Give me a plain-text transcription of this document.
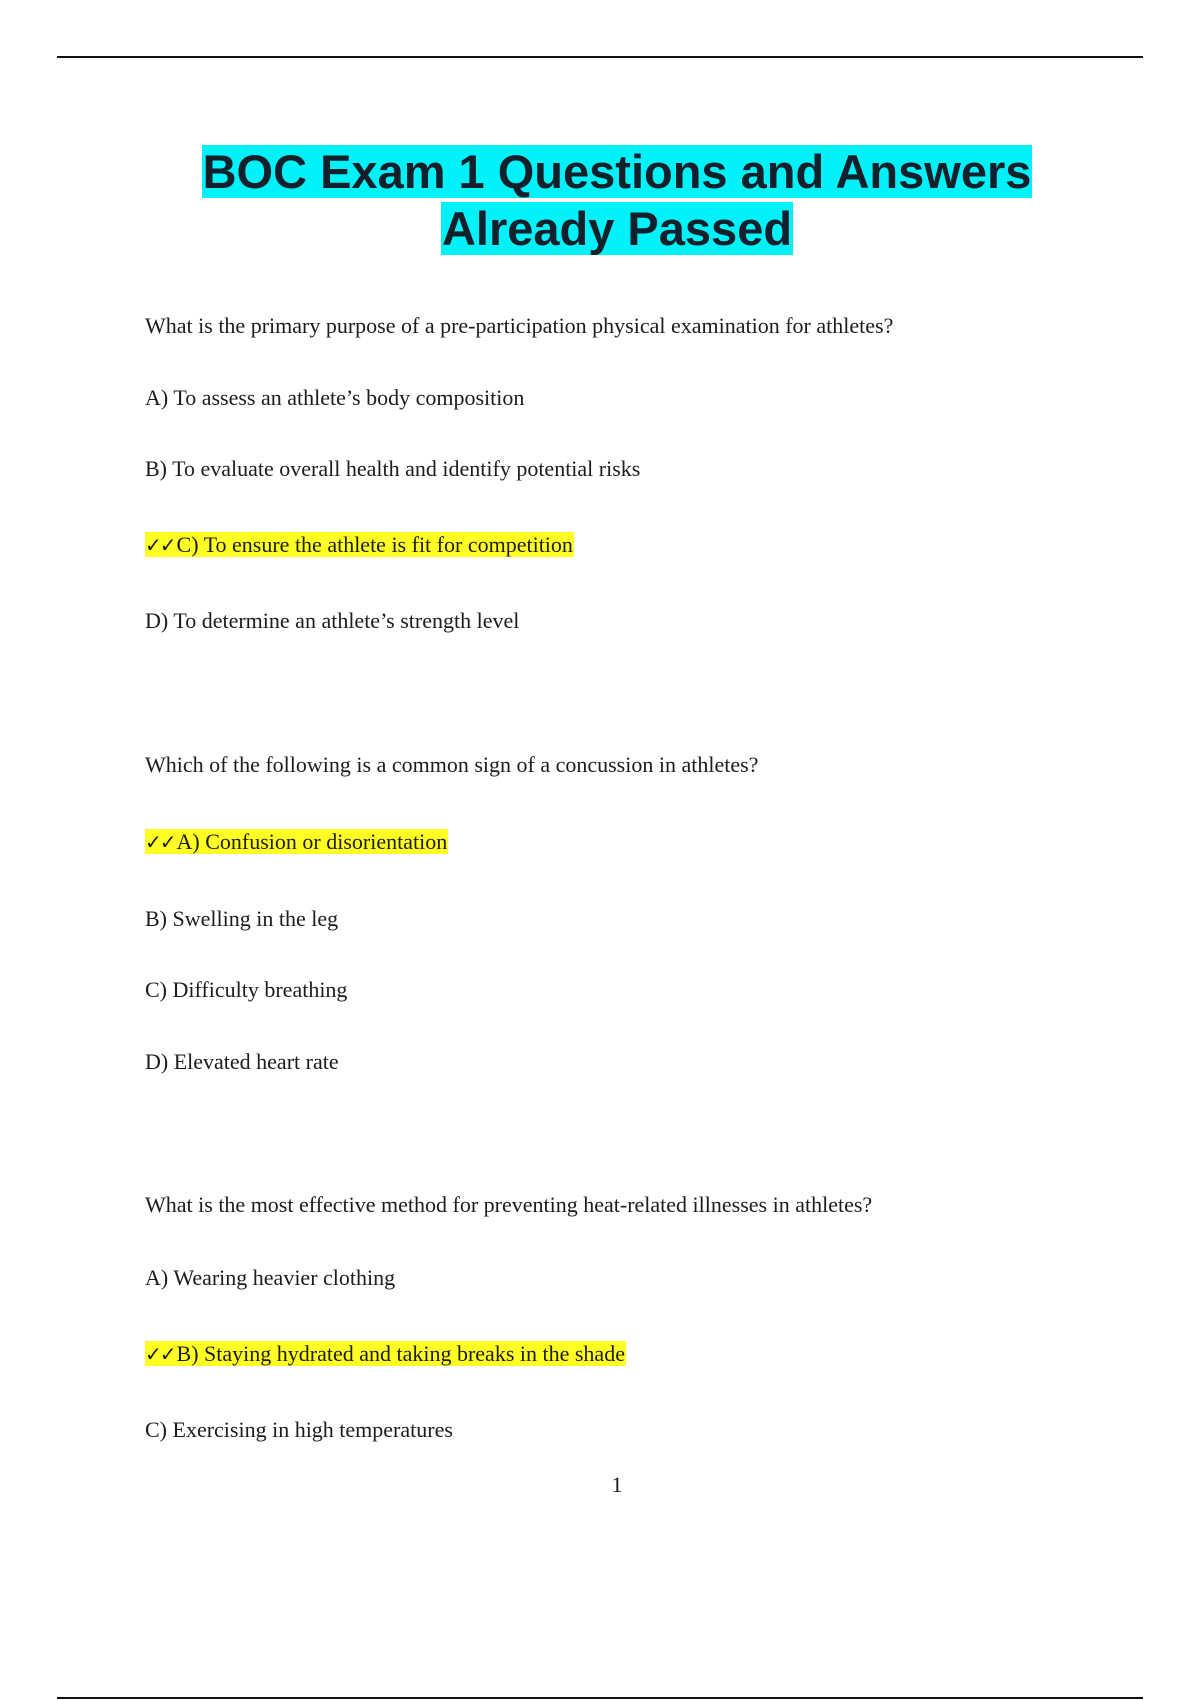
BOC Exam 1 Questions and Answers
Already Passed
What is the primary purpose of a pre-participation physical examination for athletes?
A) To assess an athlete’s body composition
B) To evaluate overall health and identify potential risks
✓✓C) To ensure the athlete is fit for competition
D) To determine an athlete’s strength level
Which of the following is a common sign of a concussion in athletes?
✓✓A) Confusion or disorientation
B) Swelling in the leg
C) Difficulty breathing
D) Elevated heart rate
What is the most effective method for preventing heat-related illnesses in athletes?
A) Wearing heavier clothing
✓✓B) Staying hydrated and taking breaks in the shade
C) Exercising in high temperatures
1
